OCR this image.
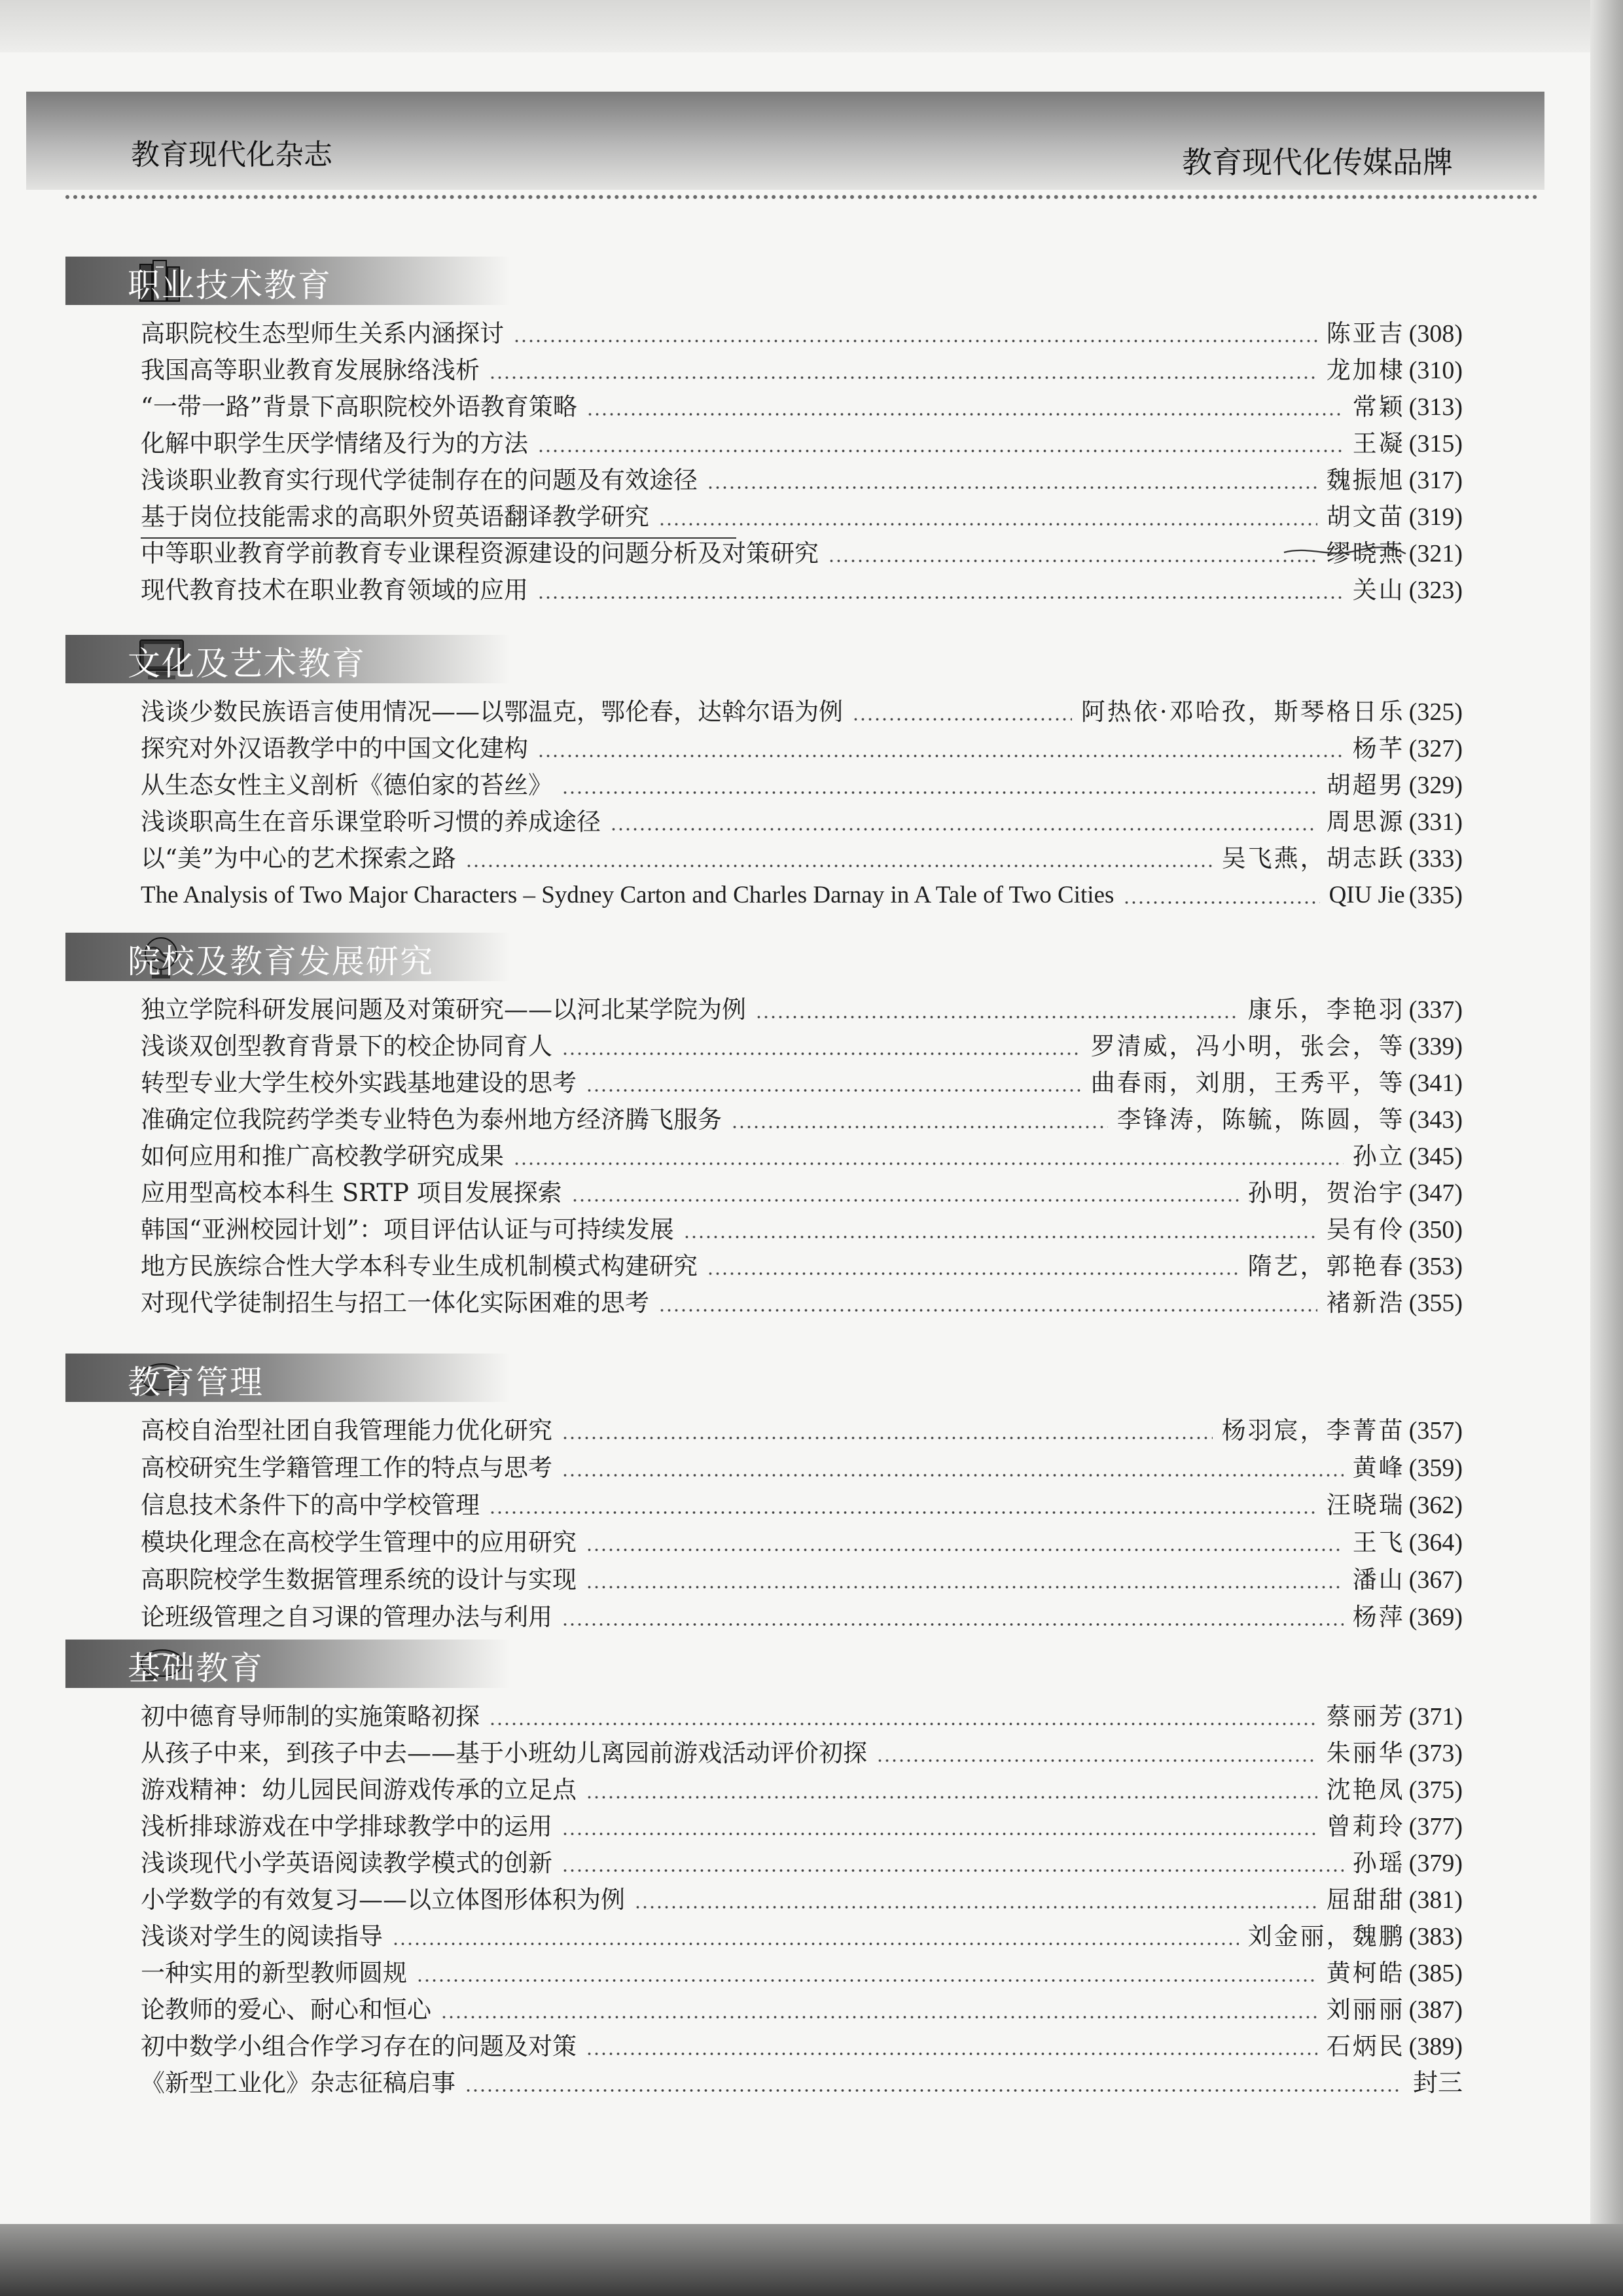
教育现代化杂志	教育现代化传媒品牌
职业技术教育
高职院校生态型师生关系内涵探讨	陈亚吉 (308)
我国高等职业教育发展脉络浅析	龙加棣 (310)
“一带一路”背景下高职院校外语教育策略	常颖 (313)
化解中职学生厌学情绪及行为的方法	王凝 (315)
浅谈职业教育实行现代学徒制存在的问题及有效途径	魏振旭 (317)
基于岗位技能需求的高职外贸英语翻译教学研究	胡文苗 (319)
中等职业教育学前教育专业课程资源建设的问题分析及对策研究	缪晓燕 (321)
现代教育技术在职业教育领域的应用	关山 (323)
文化及艺术教育
浅谈少数民族语言使用情况——以鄂温克，鄂伦春，达斡尔语为例	阿热依·邓哈孜，斯琴格日乐 (325)
探究对外汉语教学中的中国文化建构	杨芊 (327)
从生态女性主义剖析《德伯家的苔丝》	胡超男 (329)
浅谈职高生在音乐课堂聆听习惯的养成途径	周思源 (331)
以“美”为中心的艺术探索之路	吴飞燕，胡志跃 (333)
The Analysis of Two Major Characters – Sydney Carton and Charles Darnay in A Tale of Two Cities	QIU Jie (335)
院校及教育发展研究
独立学院科研发展问题及对策研究——以河北某学院为例	康乐，李艳羽 (337)
浅谈双创型教育背景下的校企协同育人	罗清威，冯小明，张会，等 (339)
转型专业大学生校外实践基地建设的思考	曲春雨，刘朋，王秀平，等 (341)
准确定位我院药学类专业特色为泰州地方经济腾飞服务	李锋涛，陈毓，陈圆，等 (343)
如何应用和推广高校教学研究成果	孙立 (345)
应用型高校本科生 SRTP 项目发展探索	孙明，贺治宇 (347)
韩国“亚洲校园计划”：项目评估认证与可持续发展	吴有伶 (350)
地方民族综合性大学本科专业生成机制模式构建研究	隋艺，郭艳春 (353)
对现代学徒制招生与招工一体化实际困难的思考	褚新浩 (355)
教育管理
高校自治型社团自我管理能力优化研究	杨羽宸，李菁苗 (357)
高校研究生学籍管理工作的特点与思考	黄峰 (359)
信息技术条件下的高中学校管理	汪晓瑞 (362)
模块化理念在高校学生管理中的应用研究	王飞 (364)
高职院校学生数据管理系统的设计与实现	潘山 (367)
论班级管理之自习课的管理办法与利用	杨萍 (369)
基础教育
初中德育导师制的实施策略初探	蔡丽芳 (371)
从孩子中来，到孩子中去——基于小班幼儿离园前游戏活动评价初探	朱丽华 (373)
游戏精神：幼儿园民间游戏传承的立足点	沈艳凤 (375)
浅析排球游戏在中学排球教学中的运用	曾莉玲 (377)
浅谈现代小学英语阅读教学模式的创新	孙瑶 (379)
小学数学的有效复习——以立体图形体积为例	屈甜甜 (381)
浅谈对学生的阅读指导	刘金丽，魏鹏 (383)
一种实用的新型教师圆规	黄柯皓 (385)
论教师的爱心、耐心和恒心	刘丽丽 (387)
初中数学小组合作学习存在的问题及对策	石炳民 (389)
《新型工业化》杂志征稿启事	封三
